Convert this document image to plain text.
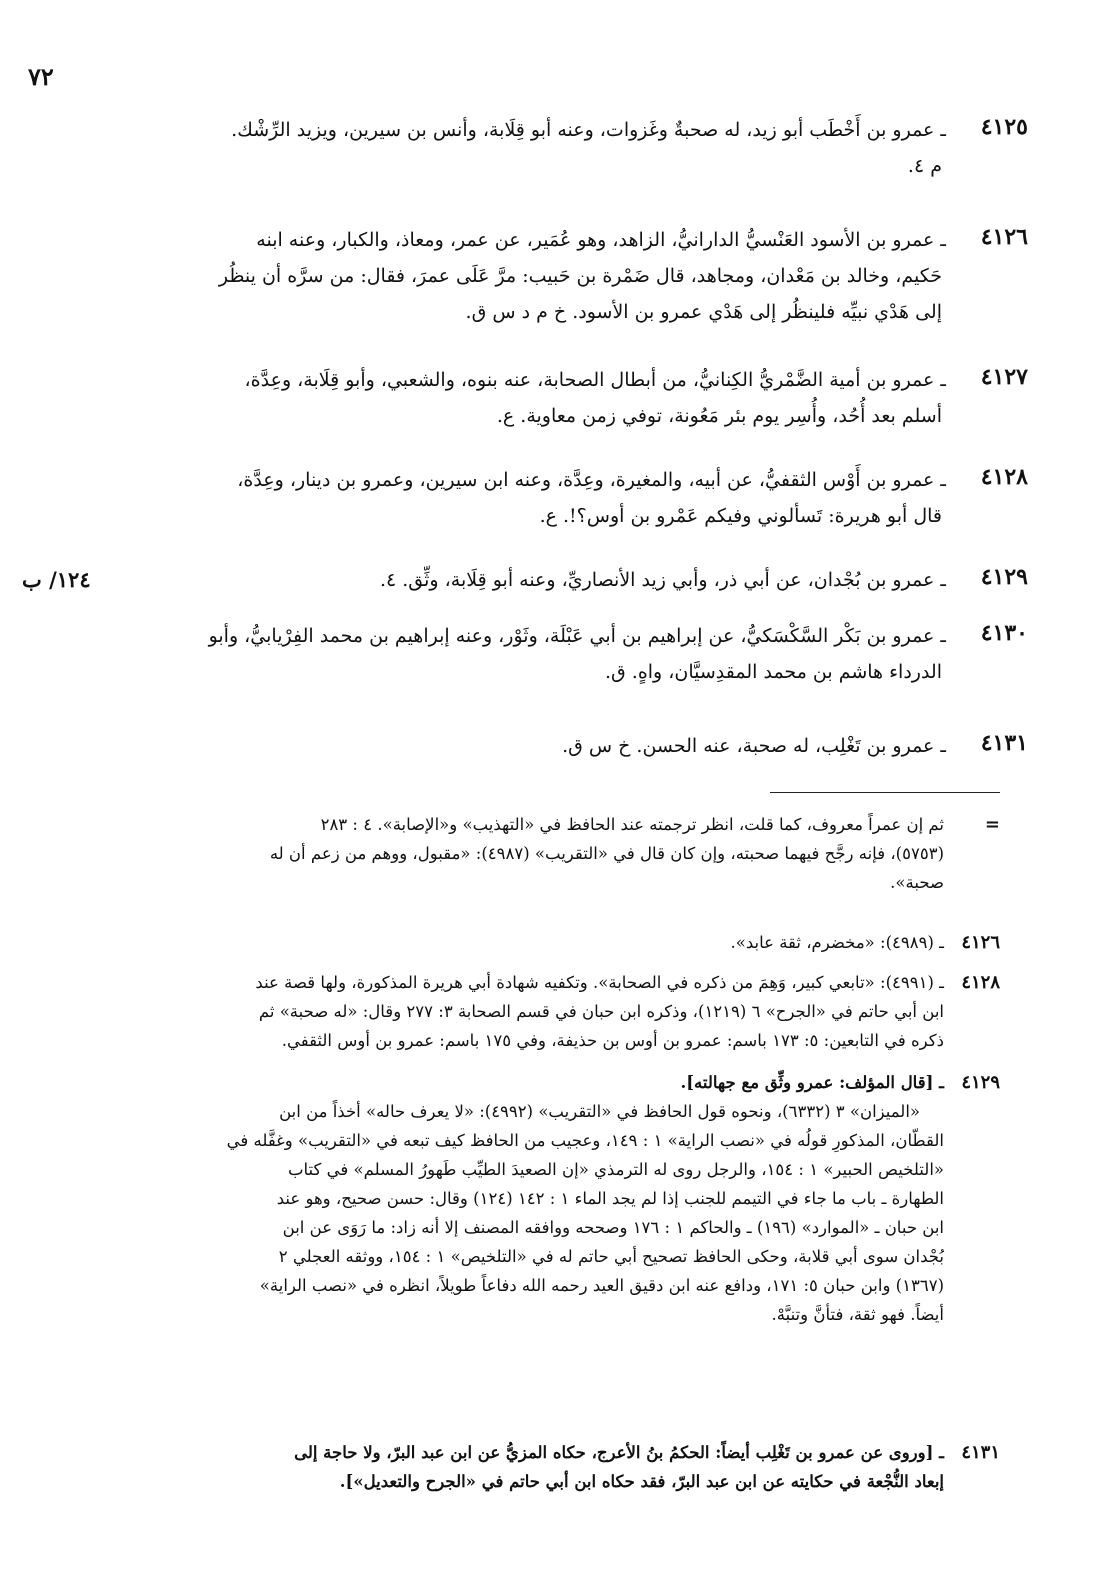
٧٢
٤١٢٥
ـ عمرو بن أَخْطَب أبو زيد، له صحبةٌ وغَزوات، وعنه أبو قِلَابة، وأنس بن سيرين، ويزيد الرِّشْك.
م ٤.
٤١٢٦
ـ عمرو بن الأسود العَنْسيُّ الدارانيُّ، الزاهد، وهو عُمَير، عن عمر، ومعاذ، والكبار، وعنه ابنه
حَكيم، وخالد بن مَعْدان، ومجاهد، قال ضَمْرة بن حَبيب: مرَّ عَلَى عمرَ، فقال: من سرَّه أن ينظُر
إلى هَدْي نبيِّه فلينظُر إلى هَدْي عمرو بن الأسود. خ م د س ق.
٤١٢٧
ـ عمرو بن أمية الضَّمْريُّ الكِنانيُّ، من أبطال الصحابة، عنه بنوه، والشعبي، وأبو قِلَابة، وعِدَّة،
أسلم بعد أُحُد، وأُسِر يوم بئر مَعُونة، توفي زمن معاوية. ع.
٤١٢٨
ـ عمرو بن أَوْس الثقفيُّ، عن أبيه، والمغيرة، وعِدَّة، وعنه ابن سيرين، وعمرو بن دينار، وعِدَّة،
قال أبو هريرة: تَسألوني وفيكم عَمْرو بن أوس؟!. ع.
٤١٢٩
ـ عمرو بن بُجْدان، عن أبي ذر، وأبي زيد الأنصاريِّ، وعنه أبو قِلَابة، وثِّق. ٤.
٤١٣٠
ـ عمرو بن بَكْر السَّكْسَكيُّ، عن إبراهيم بن أبي عَبْلَة، وثَوْر، وعنه إبراهيم بن محمد الفِرْيابيُّ، وأبو
الدرداء هاشم بن محمد المقدِسيَّان، واهٍ. ق.
٤١٣١
ـ عمرو بن تَغْلِب، له صحبة، عنه الحسن. خ س ق.
١٢٤/ ب
=
ثم إن عمراً معروف، كما قلت، انظر ترجمته عند الحافظ في «التهذيب» و«الإصابة». ٤ : ٢٨٣
(٥٧٥٣)، فإنه رجَّح فيهما صحبته، وإن كان قال في «التقريب» (٤٩٨٧): «مقبول، ووهم من زعم أن له
صحبة».
٤١٢٦
ـ (٤٩٨٩): «مخضرم، ثقة عابد».
٤١٢٨
ـ (٤٩٩١): «تابعي كبير، وَهِمَ من ذكره في الصحابة». وتكفيه شهادة أبي هريرة المذكورة، ولها قصة عند
ابن أبي حاتم في «الجرح» ٦ (١٢١٩)، وذكره ابن حبان في قسم الصحابة ٣: ٢٧٧ وقال: «له صحبة» ثم
ذكره في التابعين: ٥: ١٧٣ باسم: عمرو بن أوس بن حذيفة، وفي ١٧٥ باسم: عمرو بن أوس الثقفي.
٤١٢٩
ـ [قال المؤلف: عمرو وثِّق مع جهالته].
«الميزان» ٣ (٦٣٣٢)، ونحوه قول الحافظ في «التقريب» (٤٩٩٢): «لا يعرف حاله» أخذاً من ابن
القطّان، المذكورِ قولُه في «نصب الراية» ١ : ١٤٩، وعجيب من الحافظ كيف تبعه في «التقريب» وغفَّله في
«التلخيص الحبير» ١ : ١٥٤، والرجل روى له الترمذي «إن الصعيدَ الطيِّب طَهورُ المسلم» في كتاب
الطهارة ـ باب ما جاء في التيمم للجنب إذا لم يجد الماء ١ : ١٤٢ (١٢٤) وقال: حسن صحيح، وهو عند
ابن حبان ـ «الموارد» (١٩٦) ـ والحاكم ١ : ١٧٦ وصححه ووافقه المصنف إلا أنه زاد: ما رَوَى عن ابن
بُجْدان سوى أبي قلابة، وحكى الحافظ تصحيح أبي حاتم له في «التلخيص» ١ : ١٥٤، ووثقه العجلي ٢
(١٣٦٧) وابن حبان ٥: ١٧١، ودافع عنه ابن دقيق العيد رحمه الله دفاعاً طويلاً، انظره في «نصب الراية»
أيضاً. فهو ثقة، فتأنَّ وتنبَّهْ.
٤١٣١
ـ [وروى عن عمرو بن تَغْلِب أيضاً: الحكمُ بنُ الأعرج، حكاه المزيُّ عن ابن عبد البرّ، ولا حاجة إلى
إبعاد النُّجْعة في حكايته عن ابن عبد البرّ، فقد حكاه ابن أبي حاتم في «الجرح والتعديل»].
